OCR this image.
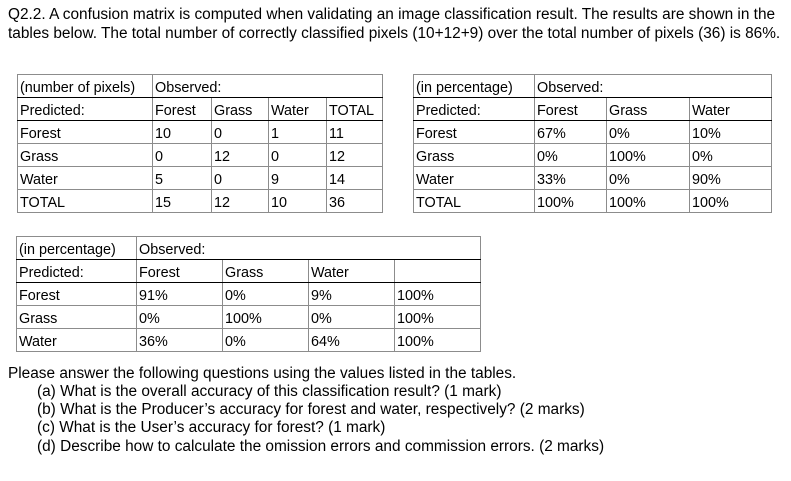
Q2.2. A confusion matrix is computed when validating an image classification result. The results are shown in the tables below. The total number of correctly classified pixels (10+12+9) over the total number of pixels (36) is 86%.

(number of pixels)	Observed:			
Predicted:	Forest	Grass	Water	TOTAL
Forest	10	0	1	11
Grass	0	12	0	12
Water	5	0	9	14
TOTAL	15	12	10	36
(in percentage)	Observed:		
Predicted:	Forest	Grass	Water
Forest	67%	0%	10%
Grass	0%	100%	0%
Water	33%	0%	90%
TOTAL	100%	100%	100%
(in percentage)	Observed:			
Predicted:	Forest	Grass	Water	
Forest	91%	0%	9%	100%
Grass	0%	100%	0%	100%
Water	36%	0%	64%	100%

Please answer the following questions using the values listed in the tables.

(a) What is the overall accuracy of this classification result? (1 mark)
(b) What is the Producer’s accuracy for forest and water, respectively? (2 marks)
(c) What is the User’s accuracy for forest? (1 mark)
(d) Describe how to calculate the omission errors and commission errors. (2 marks)
